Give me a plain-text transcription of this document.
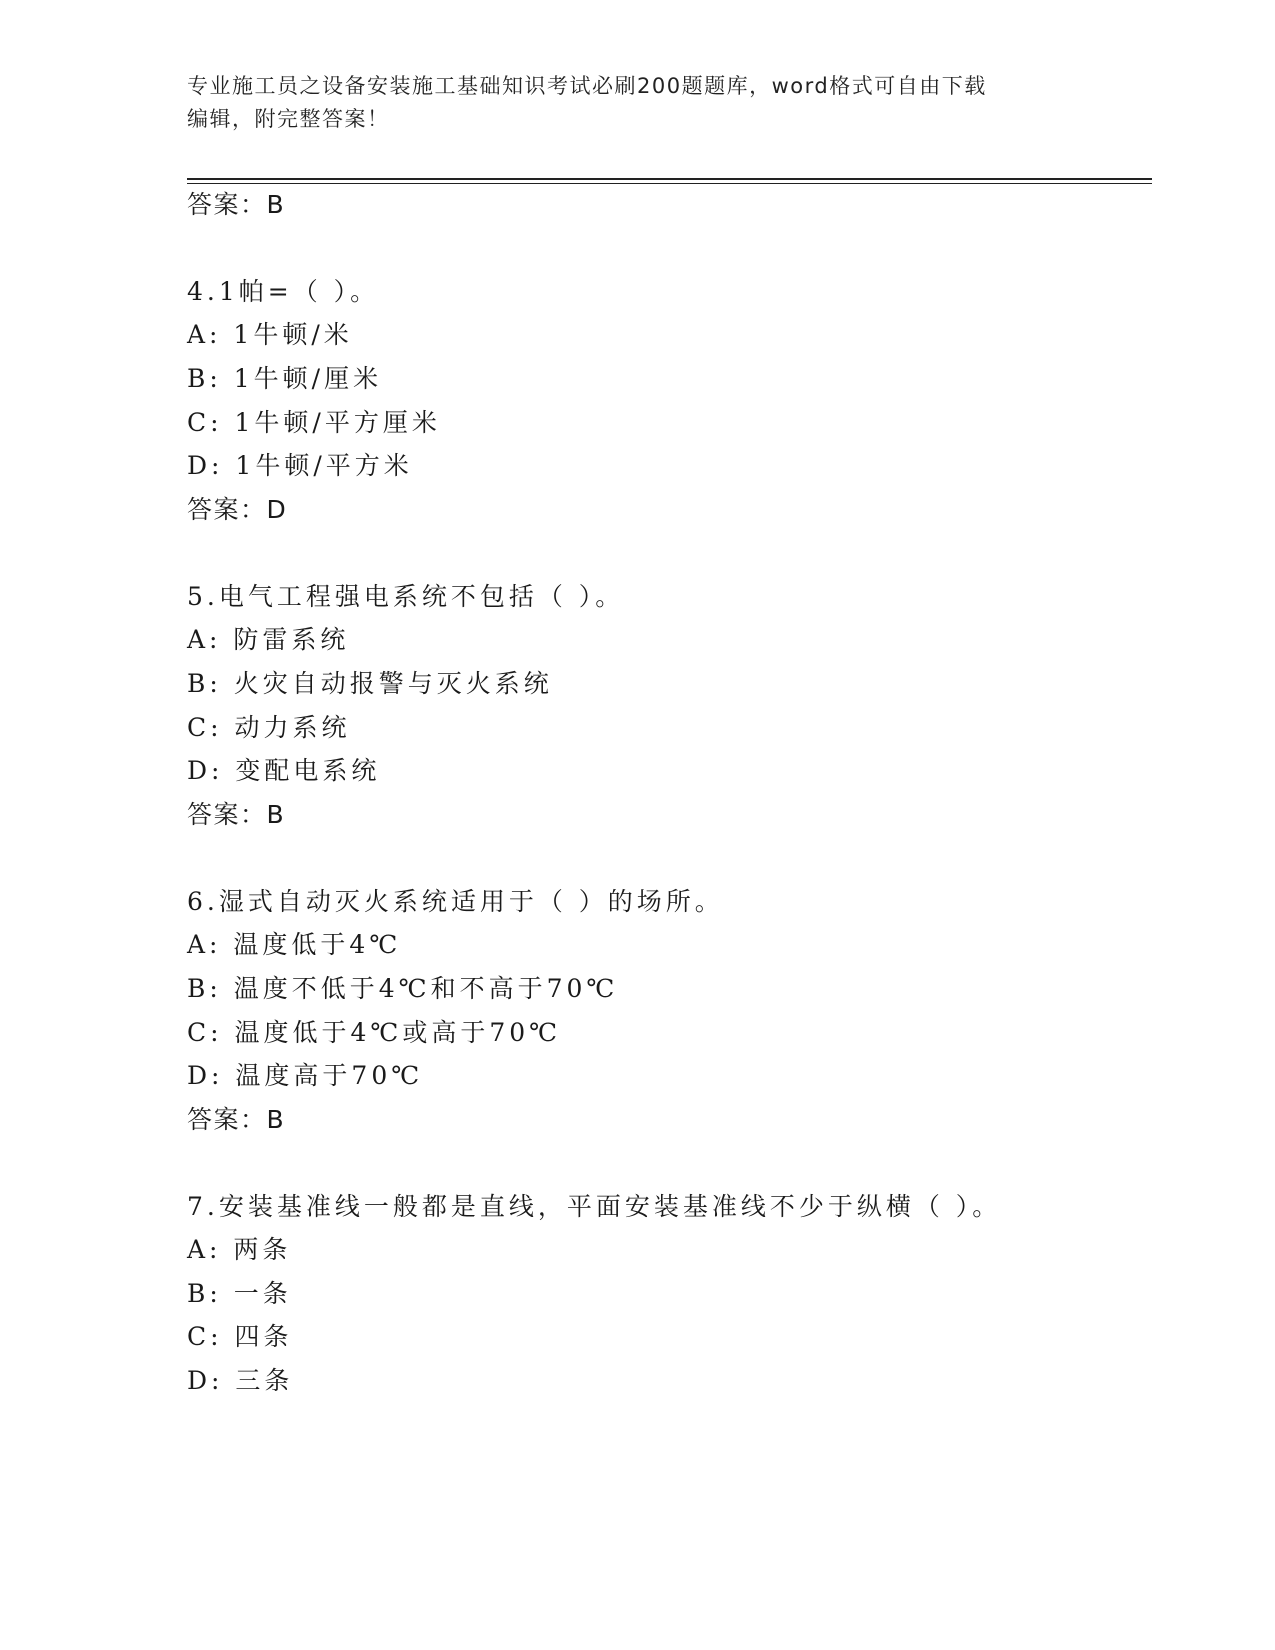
专业施工员之设备安装施工基础知识考试必刷200题题库，word格式可自由下载
编辑，附完整答案！
答案：B
4.1帕=（ ）。
A: 1牛顿/米
B: 1牛顿/厘米
C: 1牛顿/平方厘米
D: 1牛顿/平方米
答案：D
5.电气工程强电系统不包括（ ）。
A: 防雷系统
B: 火灾自动报警与灭火系统
C: 动力系统
D: 变配电系统
答案：B
6.湿式自动灭火系统适用于（ ）的场所。
A: 温度低于4℃
B: 温度不低于4℃和不高于70℃
C: 温度低于4℃或高于70℃
D: 温度高于70℃
答案：B
7.安装基准线一般都是直线，平面安装基准线不少于纵横（ ）。
A: 两条
B: 一条
C: 四条
D: 三条
